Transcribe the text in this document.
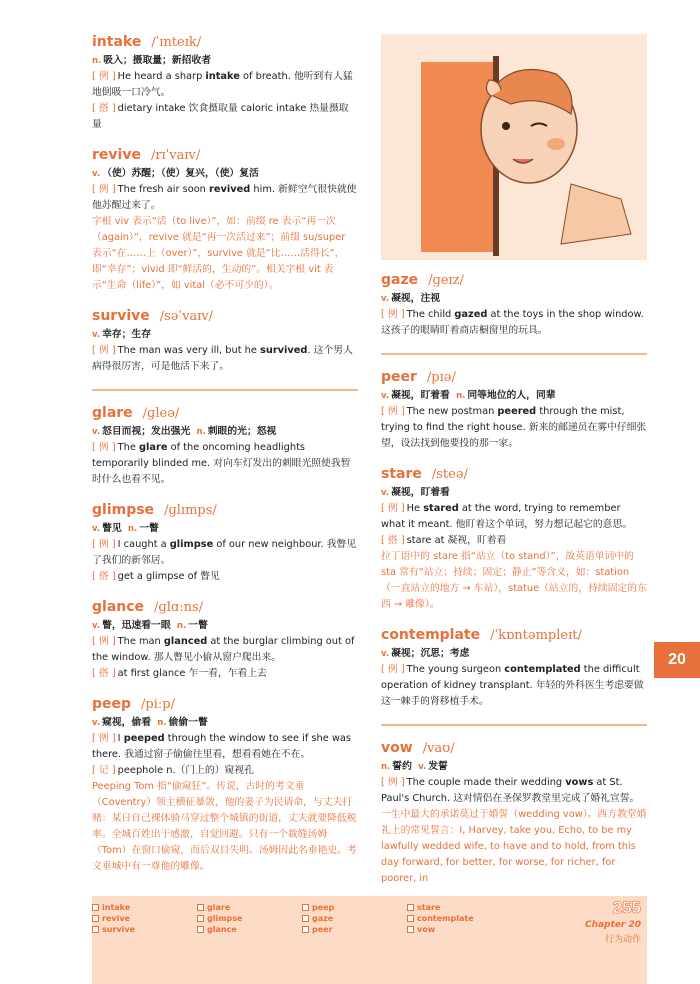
intake /ˈɪnteɪk/
n. 吸入；摄取量；新招收者
[ 例 ] He heard a sharp intake of breath. 他听到有人猛地倒吸一口冷气。
[ 搭 ] dietary intake 饮食摄取量 caloric intake 热量摄取量
revive /rɪˈvaɪv/
v. （使）苏醒；（使）复兴，（使）复活
[ 例 ] The fresh air soon revived him. 新鲜空气很快就使他苏醒过来了。
字根 viv 表示“活（to live）”，如：前缀 re 表示“再一次（again）”，revive 就是“再一次活过来”；前缀 su/super 表示“在……上（over）”，survive 就是“比……活得长”，即“幸存”；vivid 即“鲜活的，生动的”。相关字根 vit 表示“生命（life）”，如 vital（必不可少的）。
survive /səˈvaɪv/
v. 幸存；生存
[ 例 ] The man was very ill, but he survived. 这个男人病得很厉害，可是他活下来了。
glare /ɡleə/
v. 怒目而视；发出强光 n. 刺眼的光；怒视
[ 例 ] The glare of the oncoming headlights temporarily blinded me. 对向车灯发出的刺眼光照使我暂时什么也看不见。
glimpse /ɡlɪmps/
v. 瞥见 n. 一瞥
[ 例 ] I caught a glimpse of our new neighbour. 我瞥见了我们的新邻居。
[ 搭 ] get a glimpse of 瞥见
glance /ɡlɑːns/
v. 瞥，迅速看一眼 n. 一瞥
[ 例 ] The man glanced at the burglar climbing out of the window. 那人瞥见小偷从窗户爬出来。
[ 搭 ] at first glance 乍一看，乍看上去
peep /piːp/
v. 窥视，偷看 n. 偷偷一瞥
[ 例 ] I peeped through the window to see if she was there. 我通过窗子偷偷往里看，想看看她在不在。
[ 记 ] peephole n.（门上的）窥视孔
Peeping Tom 指“偷窥狂”。传说，古时的考文垂（Coventry）领主横征暴敛，他的妻子为民请命，与丈夫打赌：某日自己裸体骑马穿过整个城镇的街道，丈夫就要降低税率。全城百姓出于感激，自觉回避。只有一个裁缝汤姆（Tom）在窗口偷窥，而后双目失明。汤姆因此名垂艳史。考文垂城中有一尊他的雕像。
gaze /ɡeɪz/
v. 凝视，注视
[ 例 ] The child gazed at the toys in the shop window. 这孩子的眼睛盯着商店橱窗里的玩具。
peer /pɪə/
v. 凝视，盯着看 n. 同等地位的人，同辈
[ 例 ] The new postman peered through the mist, trying to find the right house. 新来的邮递员在雾中仔细张望，设法找到他要投的那一家。
stare /steə/
v. 凝视，盯着看
[ 例 ] He stared at the word, trying to remember what it meant. 他盯着这个单词，努力想记起它的意思。
[ 搭 ] stare at 凝视，盯着看
拉丁语中的 stare 指“站立（to stand）”，故英语单词中的 sta 常有“站立；持续；固定；静止”等含义，如：station（一直站立的地方 → 车站），statue（站立的，持续固定的东西 → 雕像）。
contemplate /ˈkɒntəmpleɪt/
v. 凝视；沉思；考虑
[ 例 ] The young surgeon contemplated the difficult operation of kidney transplant. 年轻的外科医生考虑要做这一棘手的肾移植手术。
vow /vaʊ/
n. 誓约 v. 发誓
[ 例 ] The couple made their wedding vows at St. Paul's Church. 这对情侣在圣保罗教堂里完成了婚礼宣誓。
一生中最大的承诺莫过于婚誓（wedding vow）。西方教堂婚礼上的常见誓言：I, Harvey, take you, Echo, to be my lawfully wedded wife, to have and to hold, from this day forward, for better, for worse, for richer, for poorer, in
20
intake
revive
survive
glare
glimpse
glance
peep
gaze
peer
stare
contemplate
vow
255
Chapter 20
行为动作
